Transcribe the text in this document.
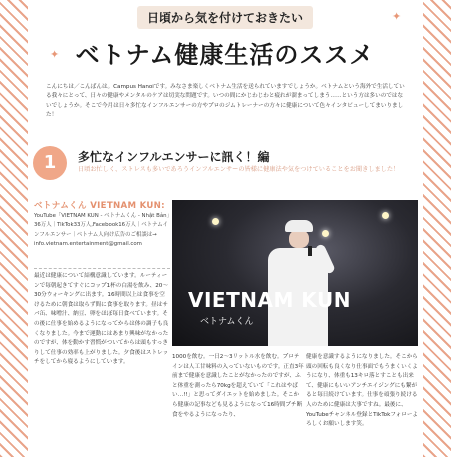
日頃から気を付けておきたい
ベトナム健康生活のススメ
✦
✦
こんにちは／こんばんは。Campus Hanoiです。みなさま楽しくベトナム生活を送られていますでしょうか。ベトナムという海外で生活している我々にとって、日々の健康やメンタルのケアは切実な問題です。いつの間にかじわじわと疲れが溜まってしまう……という方は多いのではないでしょうか。そこで今月は日々多忙なインフルエンサーの方やプロのジムトレーナーの方々に健康について色々インタビューしてまいりました！
1	多忙なインフルエンサーに訊く！編
日頃お忙しく、ストレスも多いであろうインフルエンサーの皆様に健康法や気をつけていることをお聞きしました！
ベトナムくん VIETNAM KUN:
YouTube「VIETNAM KUN - ベトナムくん - Nhật Bản」36万人｜TikTok33万人,Facebook16万人｜ベトナムインフルエンサー｜ベトナム人向け広告のご相談は→ info.vietnam.entertainment@gmail.com
VIETNAM KUN
ベトナムくん
最近は健康について結構意識しています。ルーティーンで毎朝起きてすぐにコップ1杯の白湯を飲み、20〜30分ウォーキングに出ます。16時間以上は食事を空けるために朝食は取らず間に食事を取ります。昼はサバ缶、味噌汁、納豆、卵をほぼ毎日食べています。その後に仕事を始めるようになってからは体の調子も良くなりました。今まで運動にはあまり興味がなかったのですが、体を動かす習慣がついてからは頭もすっきりして仕事の効率も上がりました。夕食後はストレッチをしてから寝るようにしています。
1000を飲む。一日2〜3リットル水を飲む。プロテインは人工甘味料の入っていないものです。正直3年前まで健康を意識したことがなかったのですが、ふと体重を測ったら70kgを超えていて「これはやばい…!!」と思ってダイエットを始めました。そこから健康の記事なども見るようになって16時間プチ断食をやるようになったり、
健康を意識するようになりました。そこから頭の回転も良くなり仕事面でもうまくいくようになり、体重も13キロ落とすことも出来て、健康にもいいアンチエイジングにも繋がると毎日続けています。仕事を頑張り続ける人のために健康は大事ですね。最後に、YouTubeチャンネル登録とTikTokフォローよろしくお願いします笑。
